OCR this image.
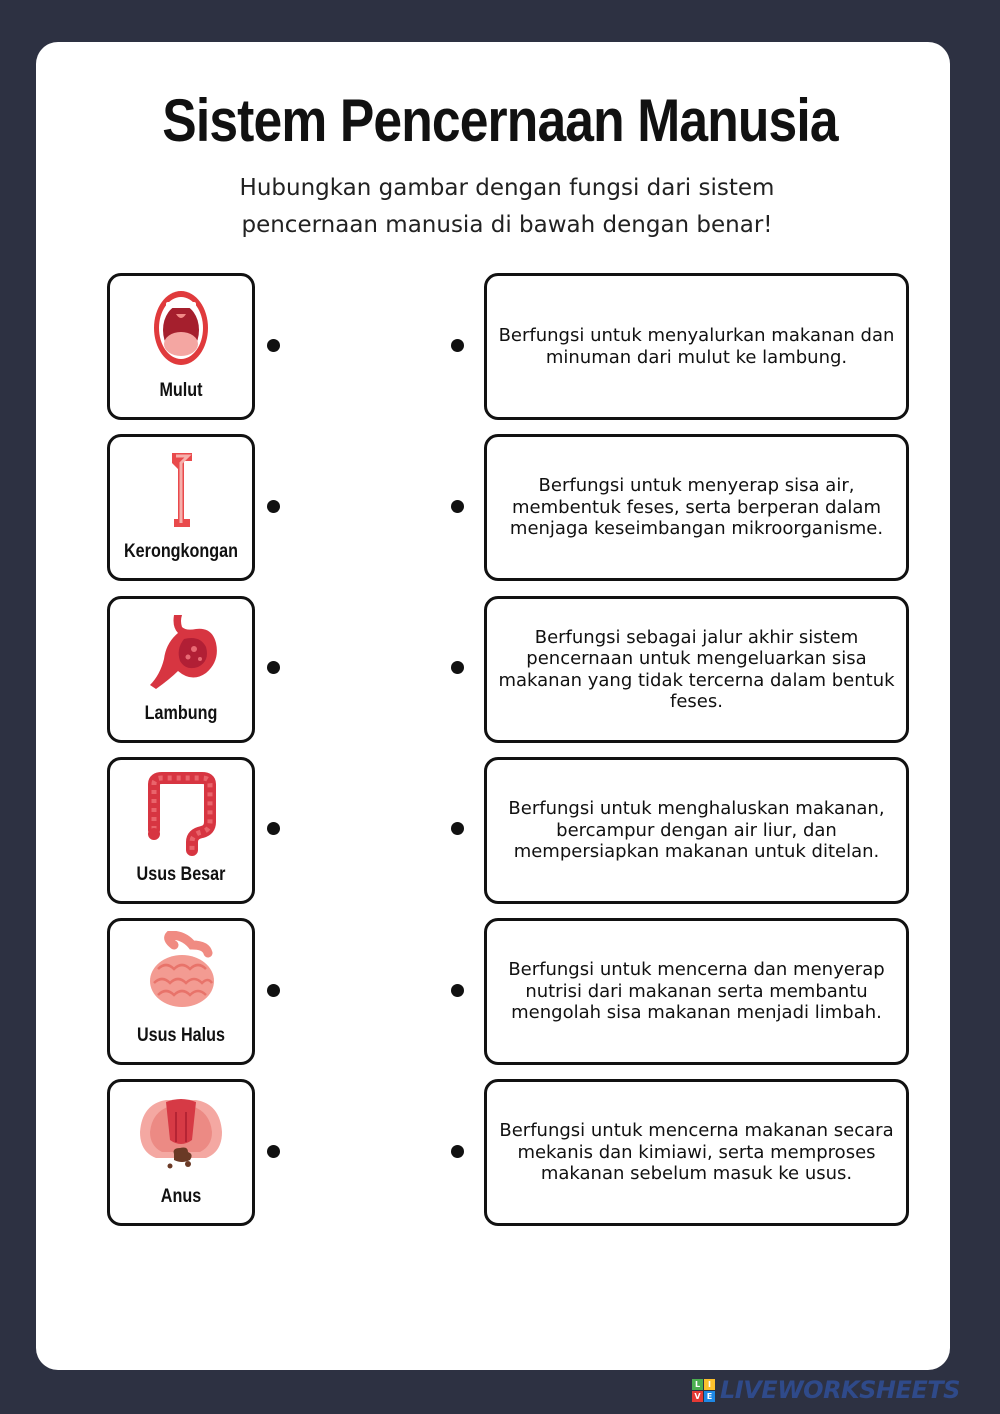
Sistem Pencernaan Manusia
Hubungkan gambar dengan fungsi dari sistem pencernaan manusia di bawah dengan benar!
Mulut
Berfungsi untuk menyalurkan makanan dan minuman dari mulut ke lambung.
Kerongkongan
Berfungsi untuk menyerap sisa air, membentuk feses, serta berperan dalam menjaga keseimbangan mikroorganisme.
Lambung
Berfungsi sebagai jalur akhir sistem pencernaan untuk mengeluarkan sisa makanan yang tidak tercerna dalam bentuk feses.
Usus Besar
Berfungsi untuk menghaluskan makanan, bercampur dengan air liur, dan mempersiapkan makanan untuk ditelan.
Usus Halus
Berfungsi untuk mencerna dan menyerap nutrisi dari makanan serta membantu mengolah sisa makanan menjadi limbah.
Anus
Berfungsi untuk mencerna makanan secara mekanis dan kimiawi, serta memproses makanan sebelum masuk ke usus.
L I
V E LIVEWORKSHEETS
